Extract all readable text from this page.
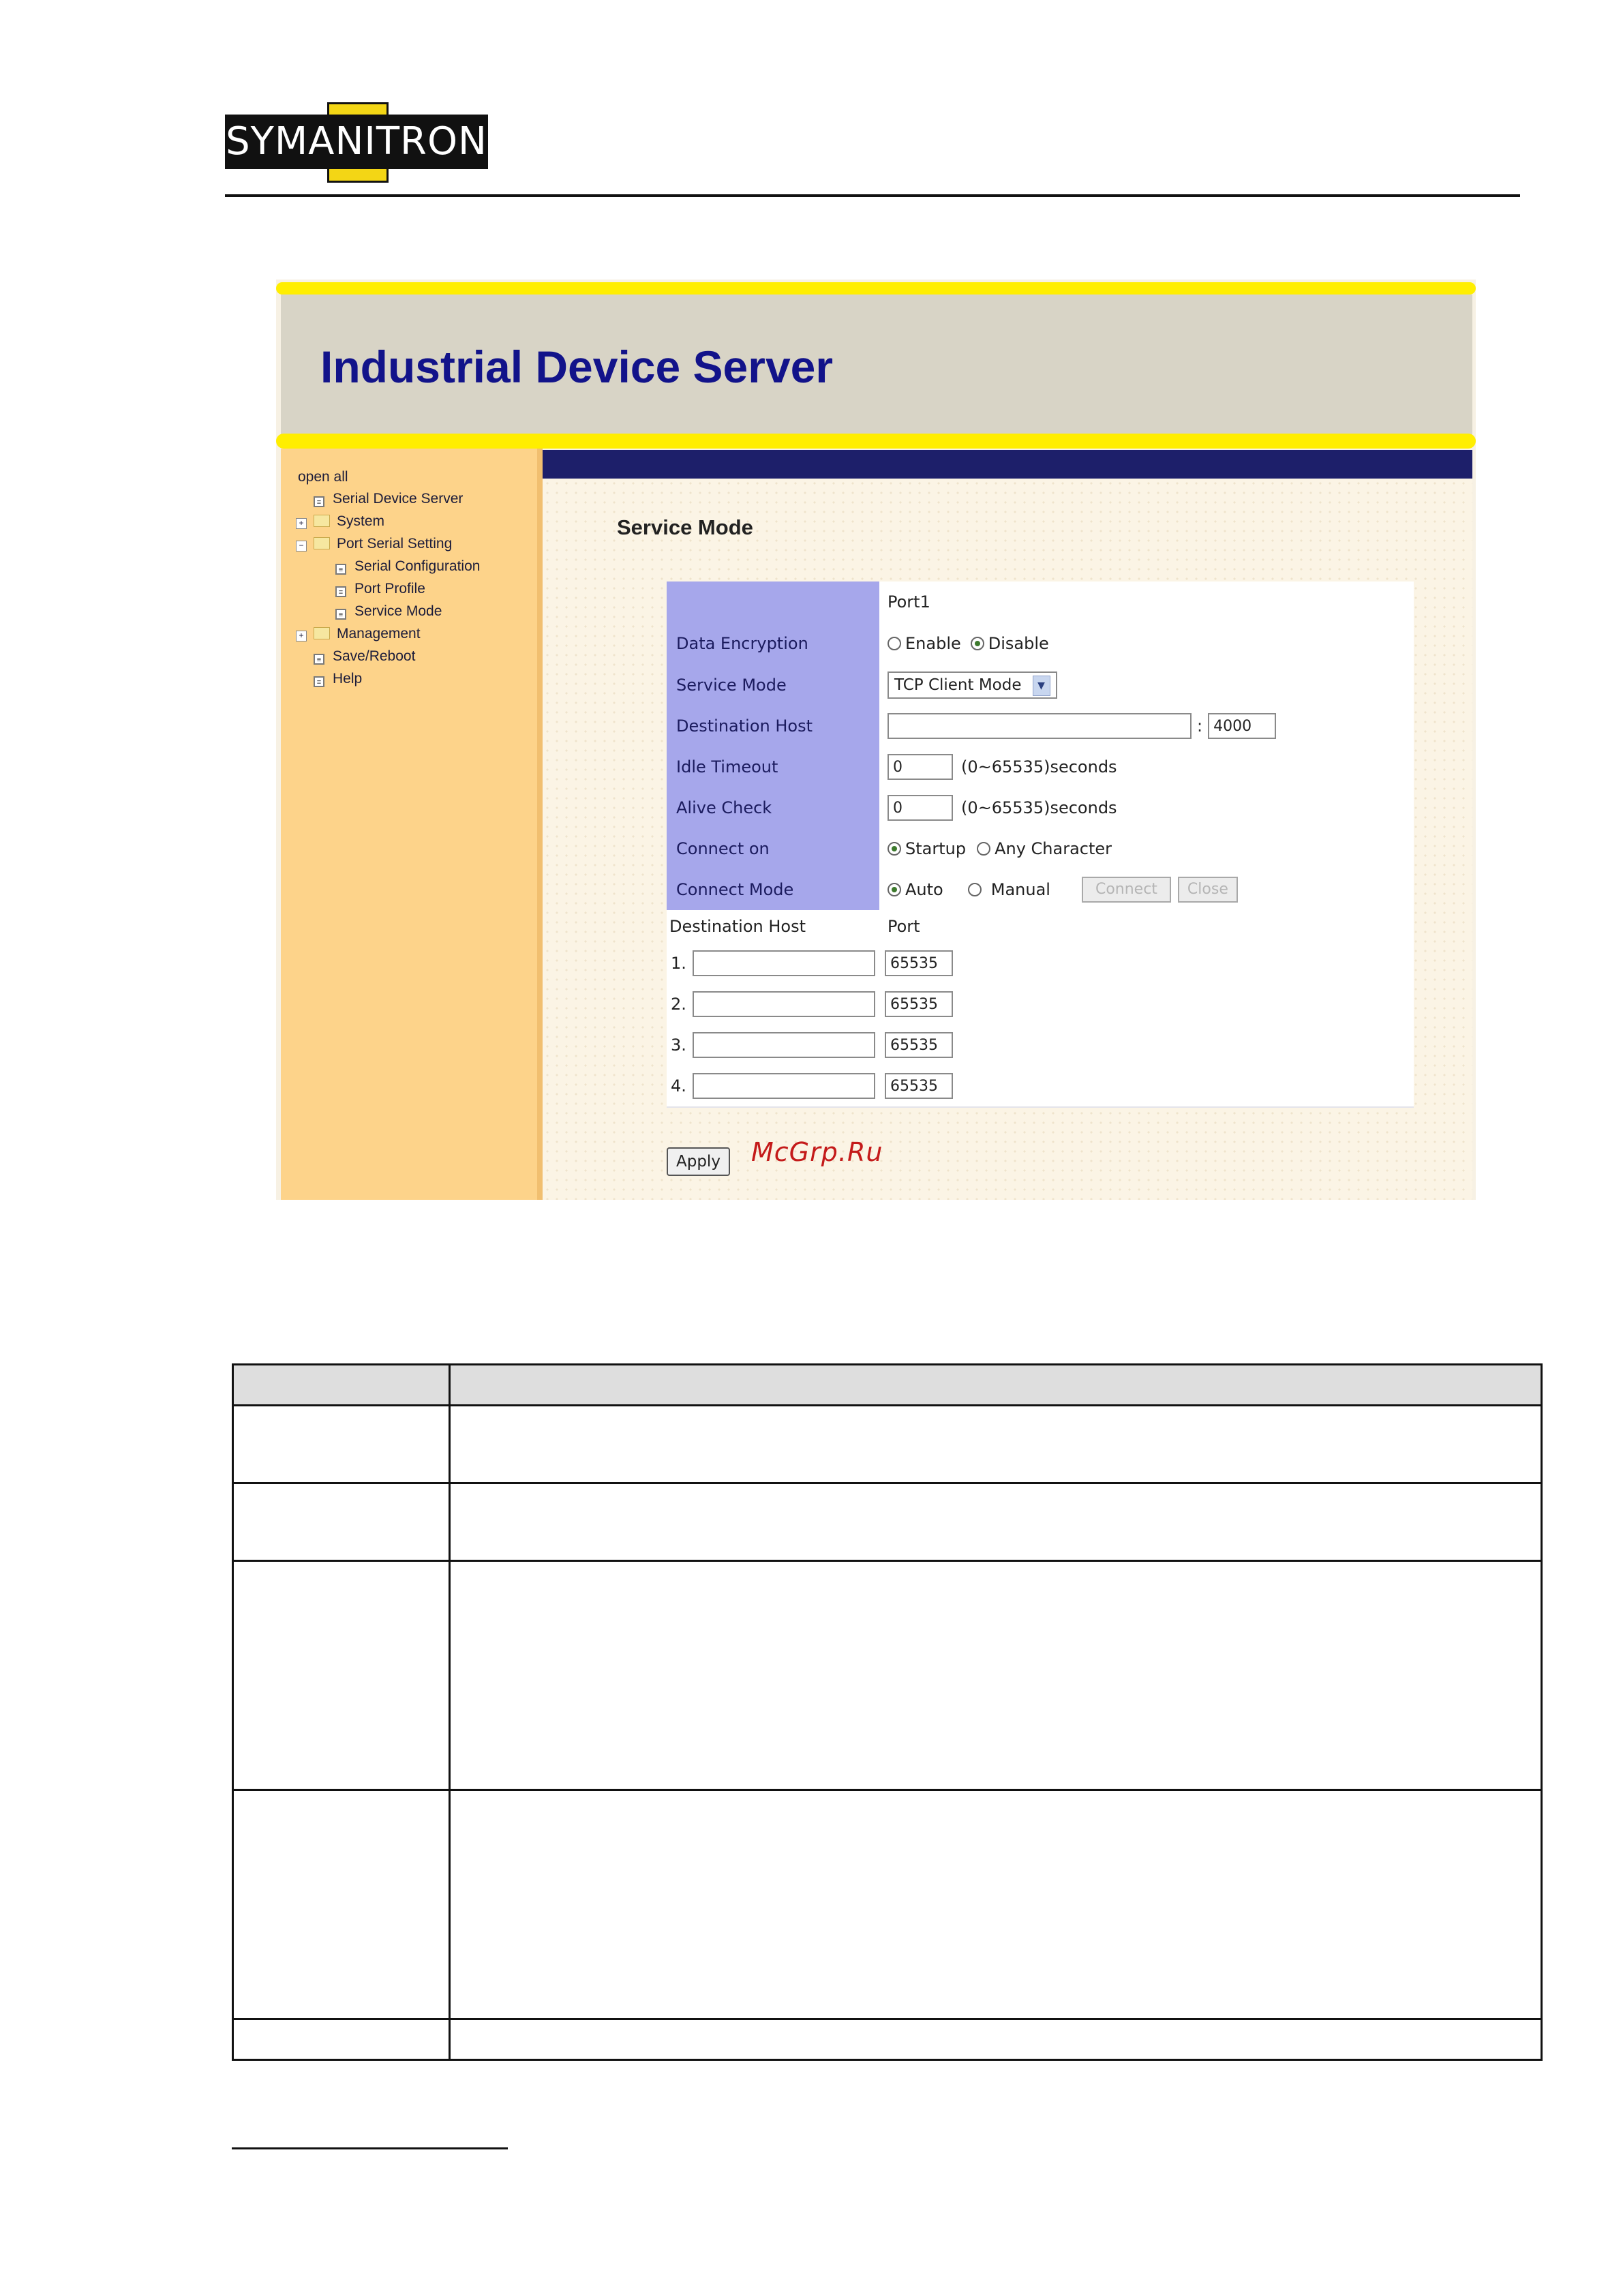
SYMANITRON
Industrial Device Server
open all
≡ Serial Device Server
+ System
− Port Serial Setting
≡ Serial Configuration
≡ Port Profile
≡ Service Mode
+ Management
≡ Save/Reboot
≡ Help
Service Mode
Port1
Data Encryption	Enable Disable
Service Mode	TCP Client Mode ▼
Destination Host	: 4000
Idle Timeout	0	(0~65535)seconds
Alive Check	0	(0~65535)seconds
Connect on	Startup Any Character
Connect Mode	Auto	Manual	Connect	Close
Destination Host	Port
1.	65535
2.	65535
3.	65535
4.	65535
Apply	McGrp.Ru
